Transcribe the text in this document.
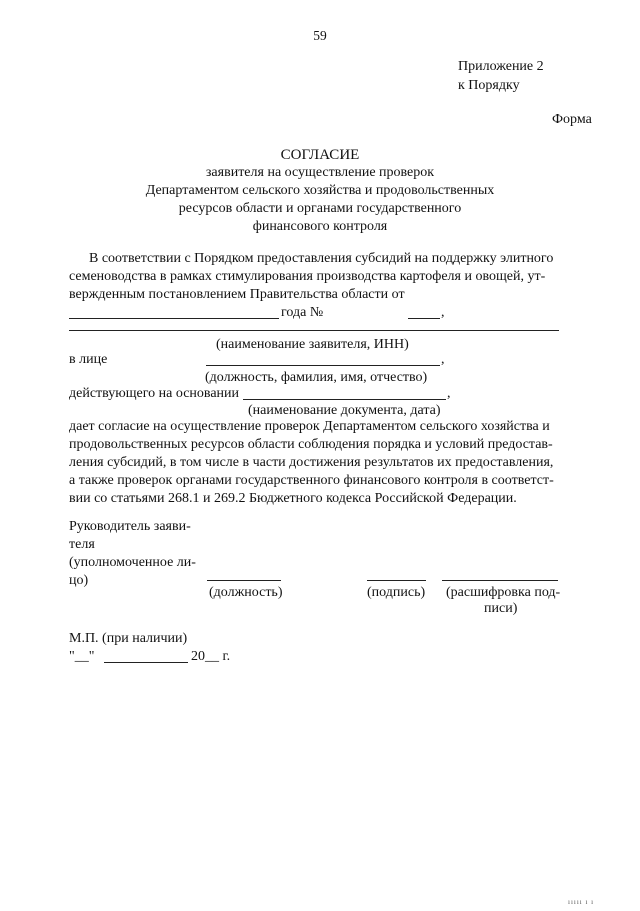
59
Приложение 2
к Порядку
Форма
СОГЛАСИЕ
заявителя на осуществление проверок
Департаментом сельского хозяйства и продовольственных
ресурсов области и органами государственного
финансового контроля
В соответствии с Порядком предоставления субсидий на поддержку элитного
семеноводства в рамках стимулирования производства картофеля и овощей, ут-
вержденным постановлением Правительства области от
года №	,
(наименование заявителя, ИНН)
в лице	,
(должность, фамилия, имя, отчество)
действующего на основании	,
(наименование документа, дата)
дает согласие на осуществление проверок Департаментом сельского хозяйства и
продовольственных ресурсов области соблюдения порядка и условий предостав-
ления субсидий, в том числе в части достижения результатов их предоставления,
а также проверок органами государственного финансового контроля в соответст-
вии со статьями 268.1 и 269.2 Бюджетного кодекса Российской Федерации.
Руководитель заяви-
теля
(уполномоченное ли-
цо)
(должность)	(подпись) (расшифровка под-
писи)
М.П. (при наличии)
"__"	20__ г.
ııııı ı ı
